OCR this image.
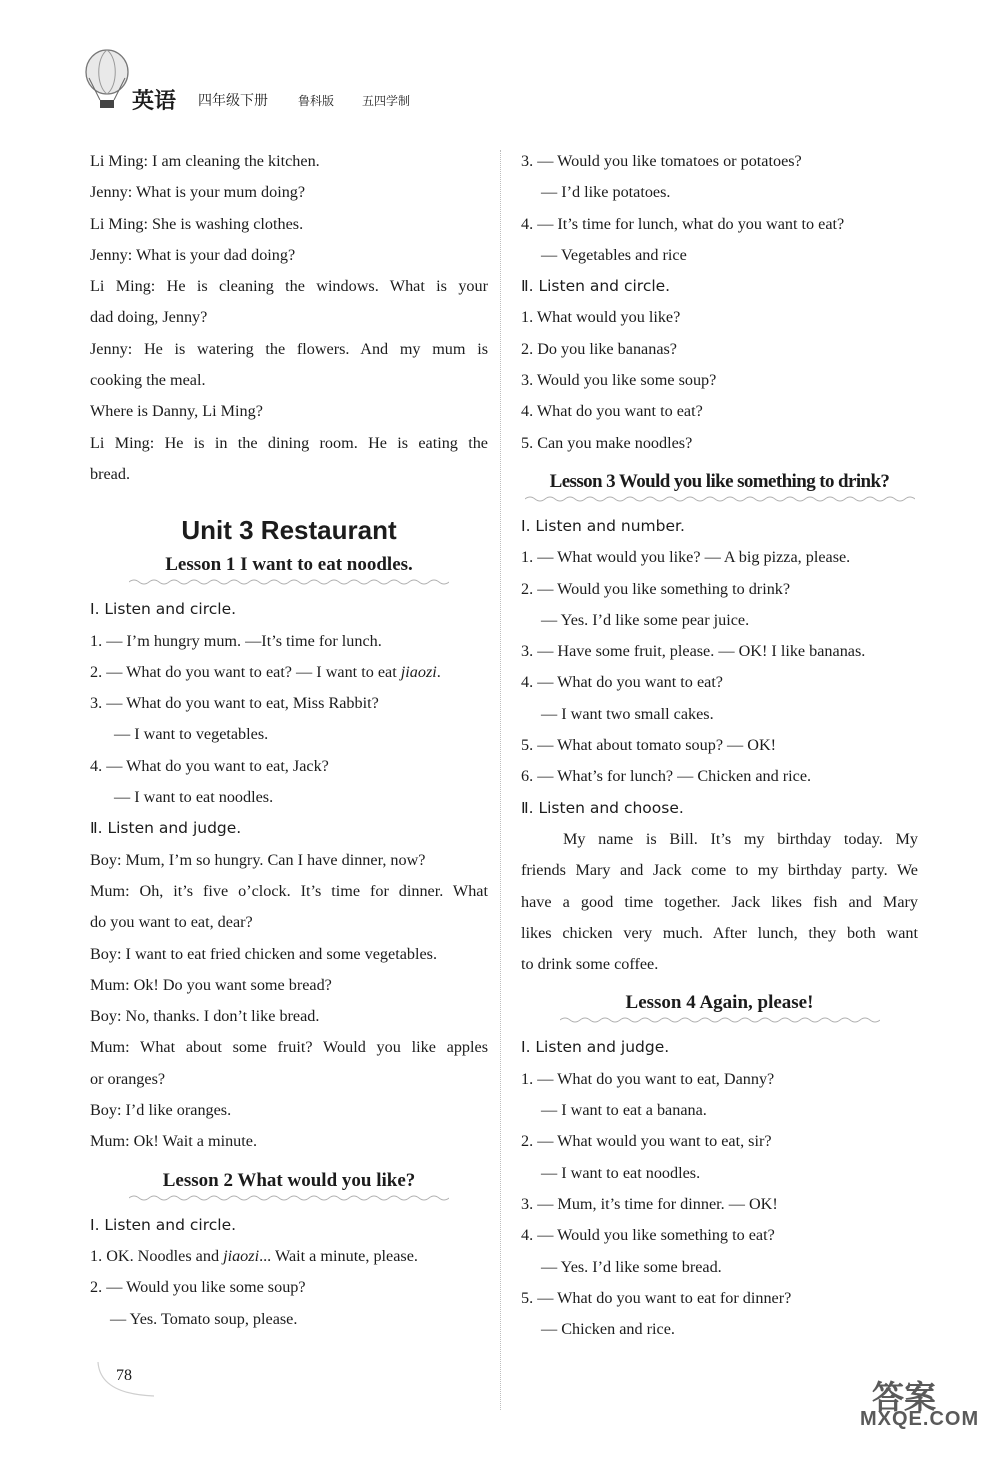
英语 四年级下册	鲁科版 五四学制
Li Ming: I am cleaning the kitchen.
Jenny: What is your mum doing?
Li Ming: She is washing clothes.
Jenny: What is your dad doing?
Li Ming: He is cleaning the windows. What is your
dad doing, Jenny?
Jenny: He is watering the flowers. And my mum is
cooking the meal.
Where is Danny, Li Ming?
Li Ming: He is in the dining room. He is eating the
bread.
Unit 3 Restaurant
Lesson 1 I want to eat noodles.
Ⅰ. Listen and circle.
1. — I’m hungry mum. —It’s time for lunch.
2. — What do you want to eat? — I want to eat jiaozi.
3. — What do you want to eat, Miss Rabbit?
— I want to vegetables.
4. — What do you want to eat, Jack?
— I want to eat noodles.
Ⅱ. Listen and judge.
Boy: Mum, I’m so hungry. Can I have dinner, now?
Mum: Oh, it’s five o’clock. It’s time for dinner. What
do you want to eat, dear?
Boy: I want to eat fried chicken and some vegetables.
Mum: Ok! Do you want some bread?
Boy: No, thanks. I don’t like bread.
Mum: What about some fruit? Would you like apples
or oranges?
Boy: I’d like oranges.
Mum: Ok! Wait a minute.
Lesson 2 What would you like?
Ⅰ. Listen and circle.
1. OK. Noodles and jiaozi... Wait a minute, please.
2. — Would you like some soup?
— Yes. Tomato soup, please.
3. — Would you like tomatoes or potatoes?
— I’d like potatoes.
4. — It’s time for lunch, what do you want to eat?
— Vegetables and rice
Ⅱ. Listen and circle.
1. What would you like?
2. Do you like bananas?
3. Would you like some soup?
4. What do you want to eat?
5. Can you make noodles?
Lesson 3 Would you like something to drink?
Ⅰ. Listen and number.
1. — What would you like? — A big pizza, please.
2. — Would you like something to drink?
— Yes. I’d like some pear juice.
3. — Have some fruit, please. — OK! I like bananas.
4. — What do you want to eat?
— I want two small cakes.
5. — What about tomato soup? — OK!
6. — What’s for lunch? — Chicken and rice.
Ⅱ. Listen and choose.
My name is Bill. It’s my birthday today. My
friends Mary and Jack come to my birthday party. We
have a good time together. Jack likes fish and Mary
likes chicken very much. After lunch, they both want
to drink some coffee.
Lesson 4 Again, please!
Ⅰ. Listen and judge.
1. — What do you want to eat, Danny?
— I want to eat a banana.
2. — What would you want to eat, sir?
— I want to eat noodles.
3. — Mum, it’s time for dinner. — OK!
4. — Would you like something to eat?
— Yes. I’d like some bread.
5. — What do you want to eat for dinner?
— Chicken and rice.
78
答案
MXQE.COM
